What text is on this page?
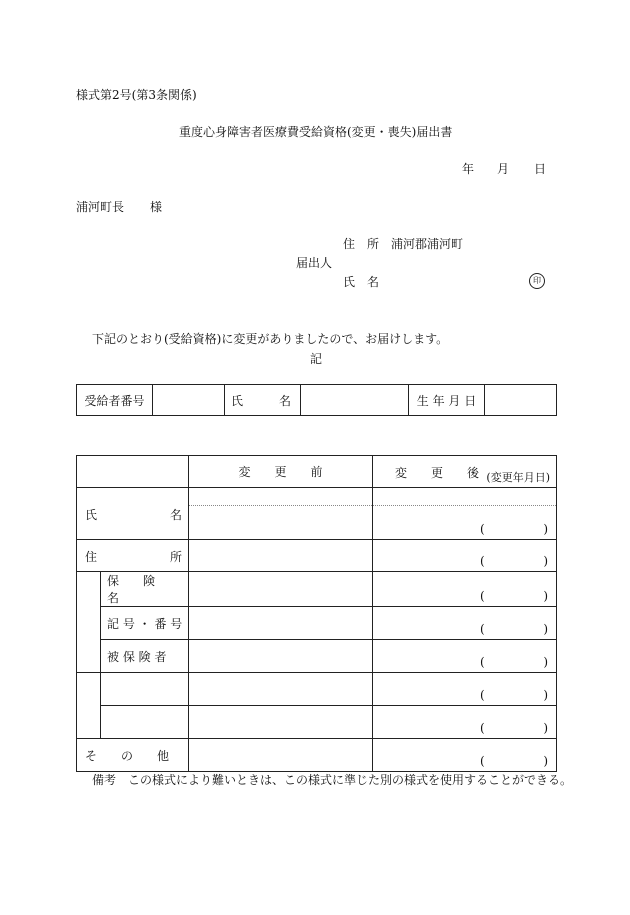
様式第2号(第3条関係)
重度心身障害者医療費受給資格(変更・喪失)届出書
年 月 日
浦河町長 様
住　所 浦河郡浦河町
届出人
氏　名	印
下記のとおり(受給資格)に変更がありましたので、お届けします。
記
受給者番号		氏　　　名		生 年 月 日	
		変　　更　　前	変　　更　　後 (変更年月日)

氏 名			( )

住 所			( )

	保　　険　　名		( )

	記 号 ・ 番 号		( )

	被 保 険 者		( )

			( )

			( )

そ　　の　　他			( )
備考　この様式により難いときは、この様式に準じた別の様式を使用することができる。
